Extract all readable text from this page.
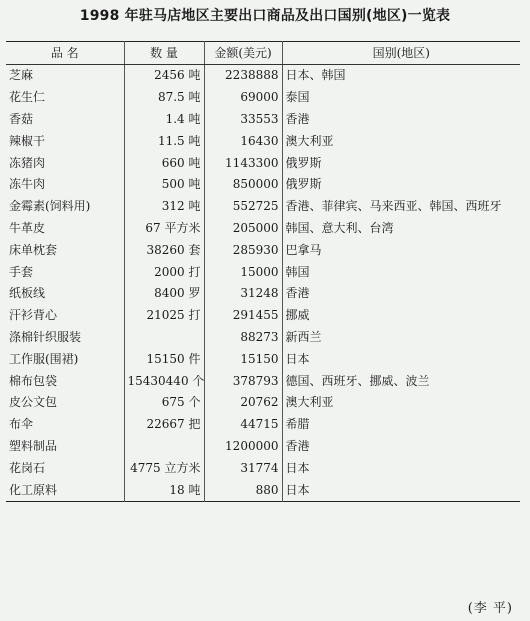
1998 年驻马店地区主要出口商品及出口国别(地区)一览表
品 名	数 量	金额(美元)	国别(地区)
芝麻	2456 吨	2238888	日本、韩国
花生仁	87.5 吨	69000	泰国
香菇	1.4 吨	33553	香港
辣椒干	11.5 吨	16430	澳大利亚
冻猪肉	660 吨	1143300	俄罗斯
冻牛肉	500 吨	850000	俄罗斯
金霉素(饲料用)	312 吨	552725	香港、菲律宾、马来西亚、韩国、西班牙
牛革皮	67 平方米	205000	韩国、意大利、台湾
床单枕套	38260 套	285930	巴拿马
手套	2000 打	15000	韩国
纸板线	8400 罗	31248	香港
汗衫背心	21025 打	291455	挪威
涤棉针织服装		88273	新西兰
工作服(围裙)	15150 件	15150	日本
棉布包袋	15430440 个	378793	德国、西班牙、挪威、波兰
皮公文包	675 个	20762	澳大利亚
布伞	22667 把	44715	希腊
塑料制品		1200000	香港
花岗石	4775 立方米	31774	日本
化工原料	18 吨	880	日本
(李 平)
